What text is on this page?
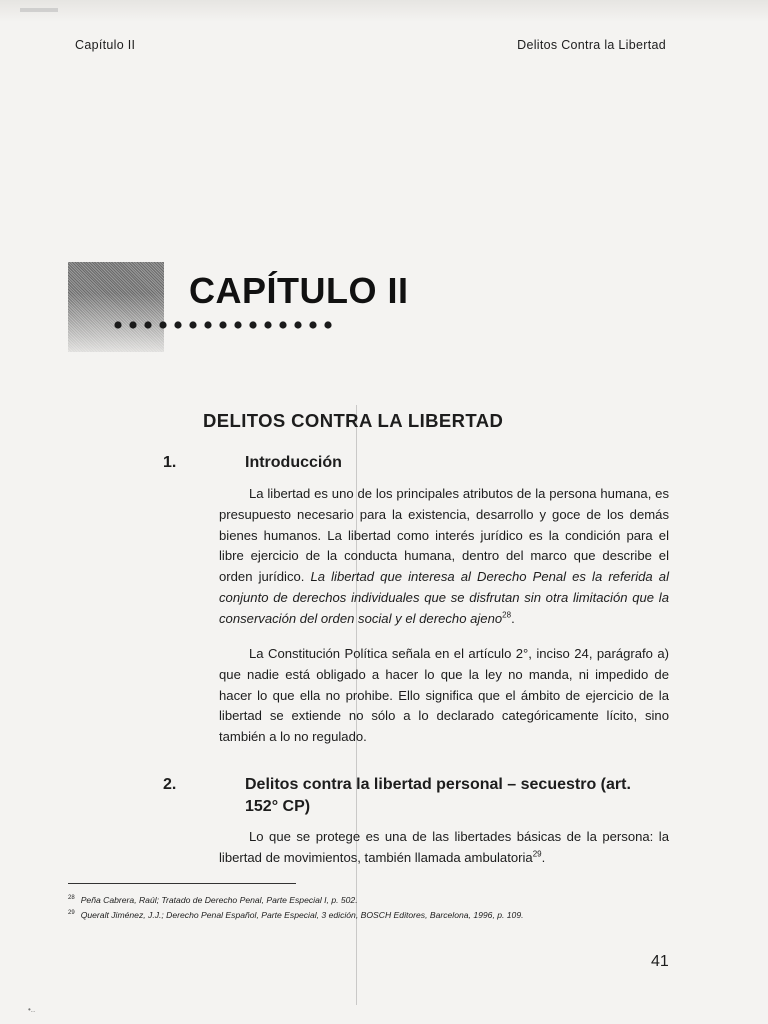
Capítulo II	Delitos Contra la Libertad
CAPÍTULO II
DELITOS CONTRA LA LIBERTAD
1.	Introducción

La libertad es uno de los principales atributos de la persona humana, es presupuesto necesario para la existencia, desarrollo y goce de los demás bienes humanos. La libertad como interés jurídico es la condición para el libre ejercicio de la conducta humana, dentro del marco que describe el orden jurídico. La libertad que interesa al Derecho Penal es la referida al conjunto de derechos individuales que se disfrutan sin otra limitación que la conservación del orden social y el derecho ajeno$^{28}$.

La Constitución Política señala en el artículo 2°, inciso 24, parágrafo a) que nadie está obligado a hacer lo que la ley no manda, ni impedido de hacer lo que ella no prohibe. Ello significa que el ámbito de ejercicio de la libertad se extiende no sólo a lo declarado categóricamente lícito, sino también a lo no regulado.

2.	Delitos contra la libertad personal – secuestro (art.
152° CP)

Lo que se protege es una de las libertades básicas de la persona: la libertad de movimientos, también llamada ambulatoria$^{29}$.

$^{28}$ Peña Cabrera, Raúl; Tratado de Derecho Penal, Parte Especial I, p. 502.

$^{29}$ Queralt Jiménez, J.J.; Derecho Penal Español, Parte Especial, 3 edición, BOSCH Editores, Barcelona, 1996, p. 109.

41
•..
